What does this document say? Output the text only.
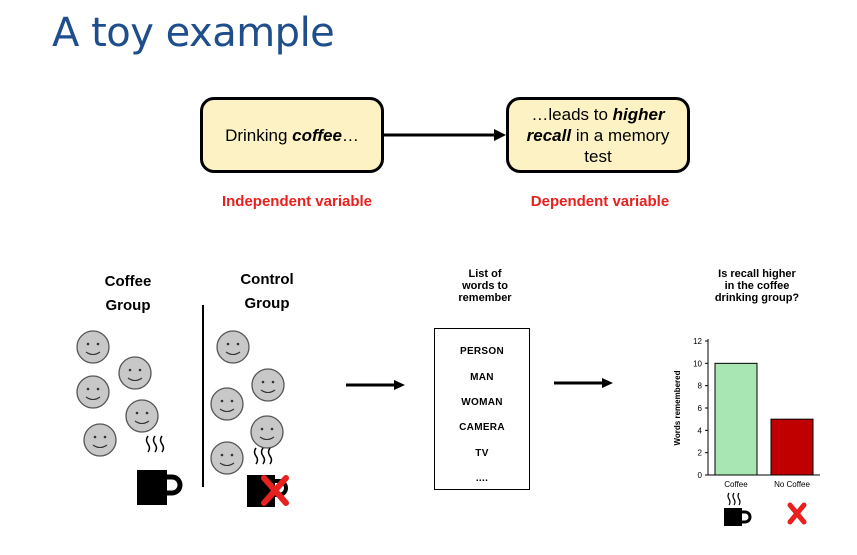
A toy example
Drinking coffee…
…leads to higher
recall in a memory
test
Independent variable	Dependent variable
Coffee
Group
Control
Group
List of
words to
remember
PERSON
MAN
WOMAN
CAMERA
TV
....
Is recall higher
in the coffee
drinking group?
0
2
4
6
8
10
12
Words remembered
Coffee	No Coffee
